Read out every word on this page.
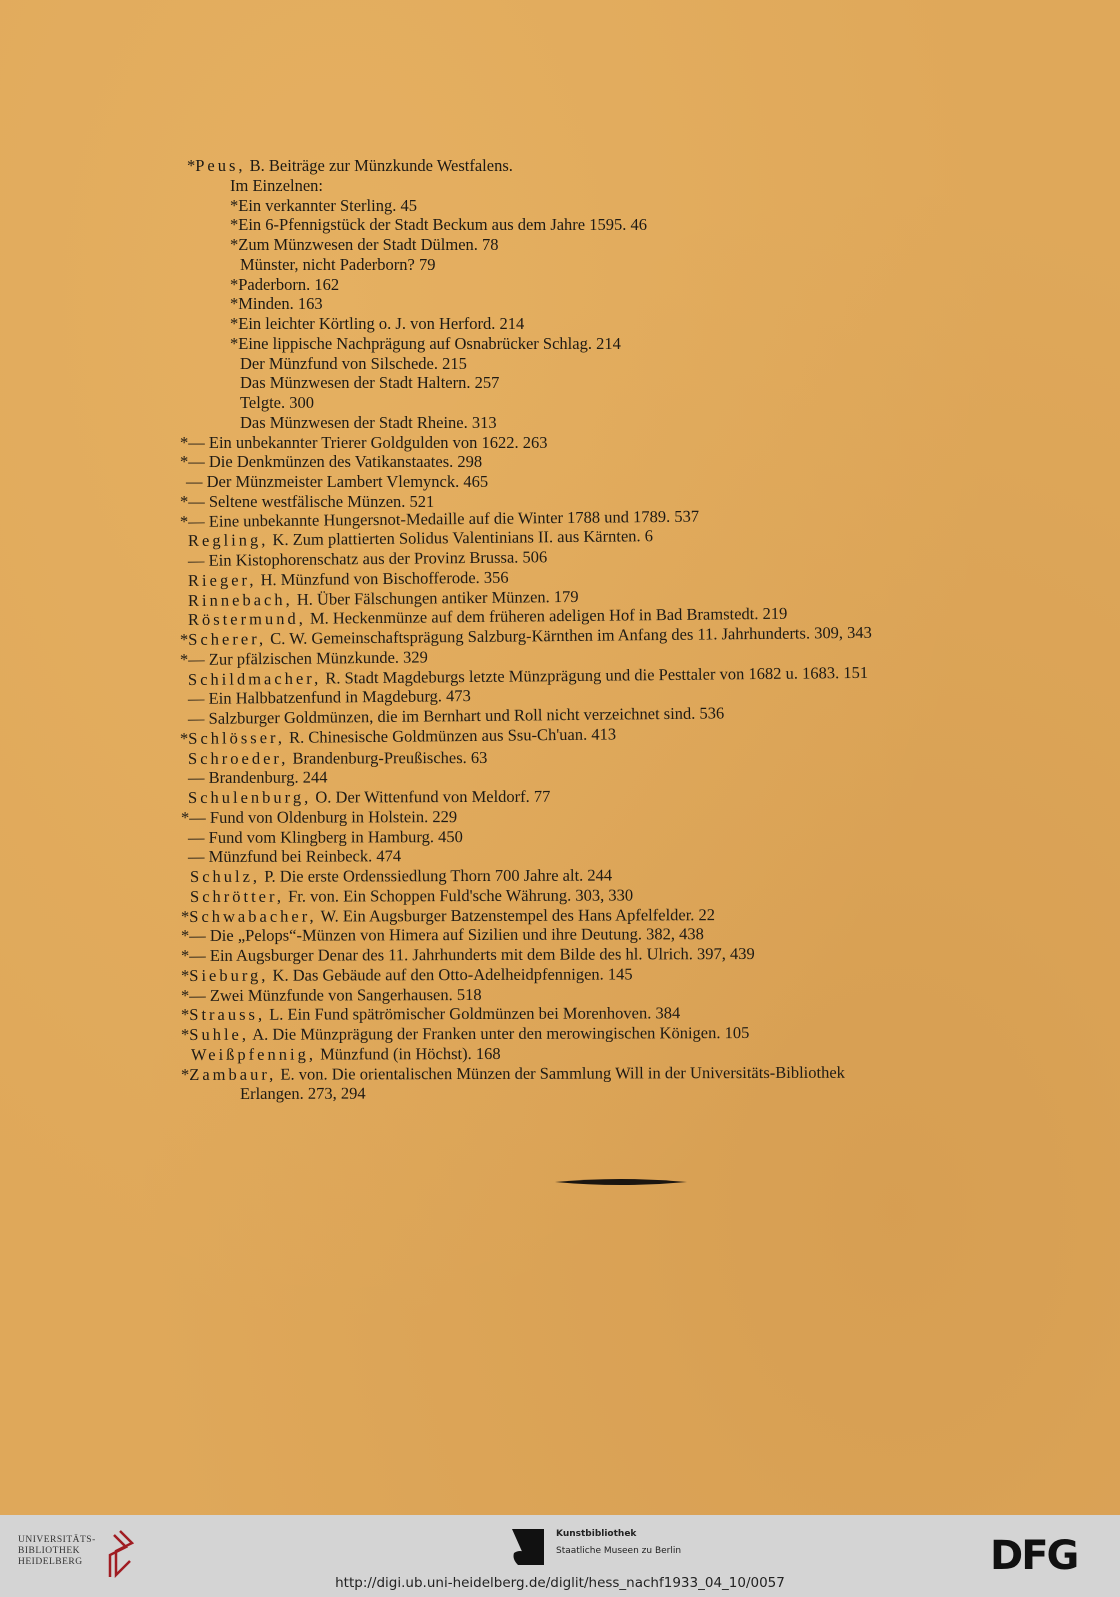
*Peus, B. Beiträge zur Münzkunde Westfalens.
Im Einzelnen:
*Ein verkannter Sterling. 45
*Ein 6-Pfennigstück der Stadt Beckum aus dem Jahre 1595. 46
*Zum Münzwesen der Stadt Dülmen. 78
Münster, nicht Paderborn? 79
*Paderborn. 162
*Minden. 163
*Ein leichter Körtling o. J. von Herford. 214
*Eine lippische Nachprägung auf Osnabrücker Schlag. 214
Der Münzfund von Silschede. 215
Das Münzwesen der Stadt Haltern. 257
Telgte. 300
Das Münzwesen der Stadt Rheine. 313
*— Ein unbekannter Trierer Goldgulden von 1622. 263
*— Die Denkmünzen des Vatikanstaates. 298
— Der Münzmeister Lambert Vlemynck. 465
*— Seltene westfälische Münzen. 521
*— Eine unbekannte Hungersnot-Medaille auf die Winter 1788 und 1789. 537
Regling, K. Zum plattierten Solidus Valentinians II. aus Kärnten. 6
— Ein Kistophorenschatz aus der Provinz Brussa. 506
Rieger, H. Münzfund von Bischofferode. 356
Rinnebach, H. Über Fälschungen antiker Münzen. 179
Röstermund, M. Heckenmünze auf dem früheren adeligen Hof in Bad Bramstedt. 219
*Scherer, C. W. Gemeinschaftsprägung Salzburg-Kärnthen im Anfang des 11. Jahrhunderts. 309, 343
*— Zur pfälzischen Münzkunde. 329
Schildmacher, R. Stadt Magdeburgs letzte Münzprägung und die Pesttaler von 1682 u. 1683. 151
— Ein Halbbatzenfund in Magdeburg. 473
— Salzburger Goldmünzen, die im Bernhart und Roll nicht verzeichnet sind. 536
*Schlösser, R. Chinesische Goldmünzen aus Ssu-Ch'uan. 413
Schroeder, Brandenburg-Preußisches. 63
— Brandenburg. 244
Schulenburg, O. Der Wittenfund von Meldorf. 77
*— Fund von Oldenburg in Holstein. 229
— Fund vom Klingberg in Hamburg. 450
— Münzfund bei Reinbeck. 474
Schulz, P. Die erste Ordenssiedlung Thorn 700 Jahre alt. 244
Schrötter, Fr. von. Ein Schoppen Fuld'sche Währung. 303, 330
*Schwabacher, W. Ein Augsburger Batzenstempel des Hans Apfelfelder. 22
*— Die „Pelops“-Münzen von Himera auf Sizilien und ihre Deutung. 382, 438
*— Ein Augsburger Denar des 11. Jahrhunderts mit dem Bilde des hl. Ulrich. 397, 439
*Sieburg, K. Das Gebäude auf den Otto-Adelheidpfennigen. 145
*— Zwei Münzfunde von Sangerhausen. 518
*Strauss, L. Ein Fund spätrömischer Goldmünzen bei Morenhoven. 384
*Suhle, A. Die Münzprägung der Franken unter den merowingischen Königen. 105
Weißpfennig, Münzfund (in Höchst). 168
*Zambaur, E. von. Die orientalischen Münzen der Sammlung Will in der Universitäts-Bibliothek
Erlangen. 273, 294
UNIVERSITÄTS-
BIBLIOTHEK
HEIDELBERG
Kunstbibliothek
Staatliche Museen zu Berlin	DFG
http://digi.ub.uni-heidelberg.de/diglit/hess_nachf1933_04_10/0057
